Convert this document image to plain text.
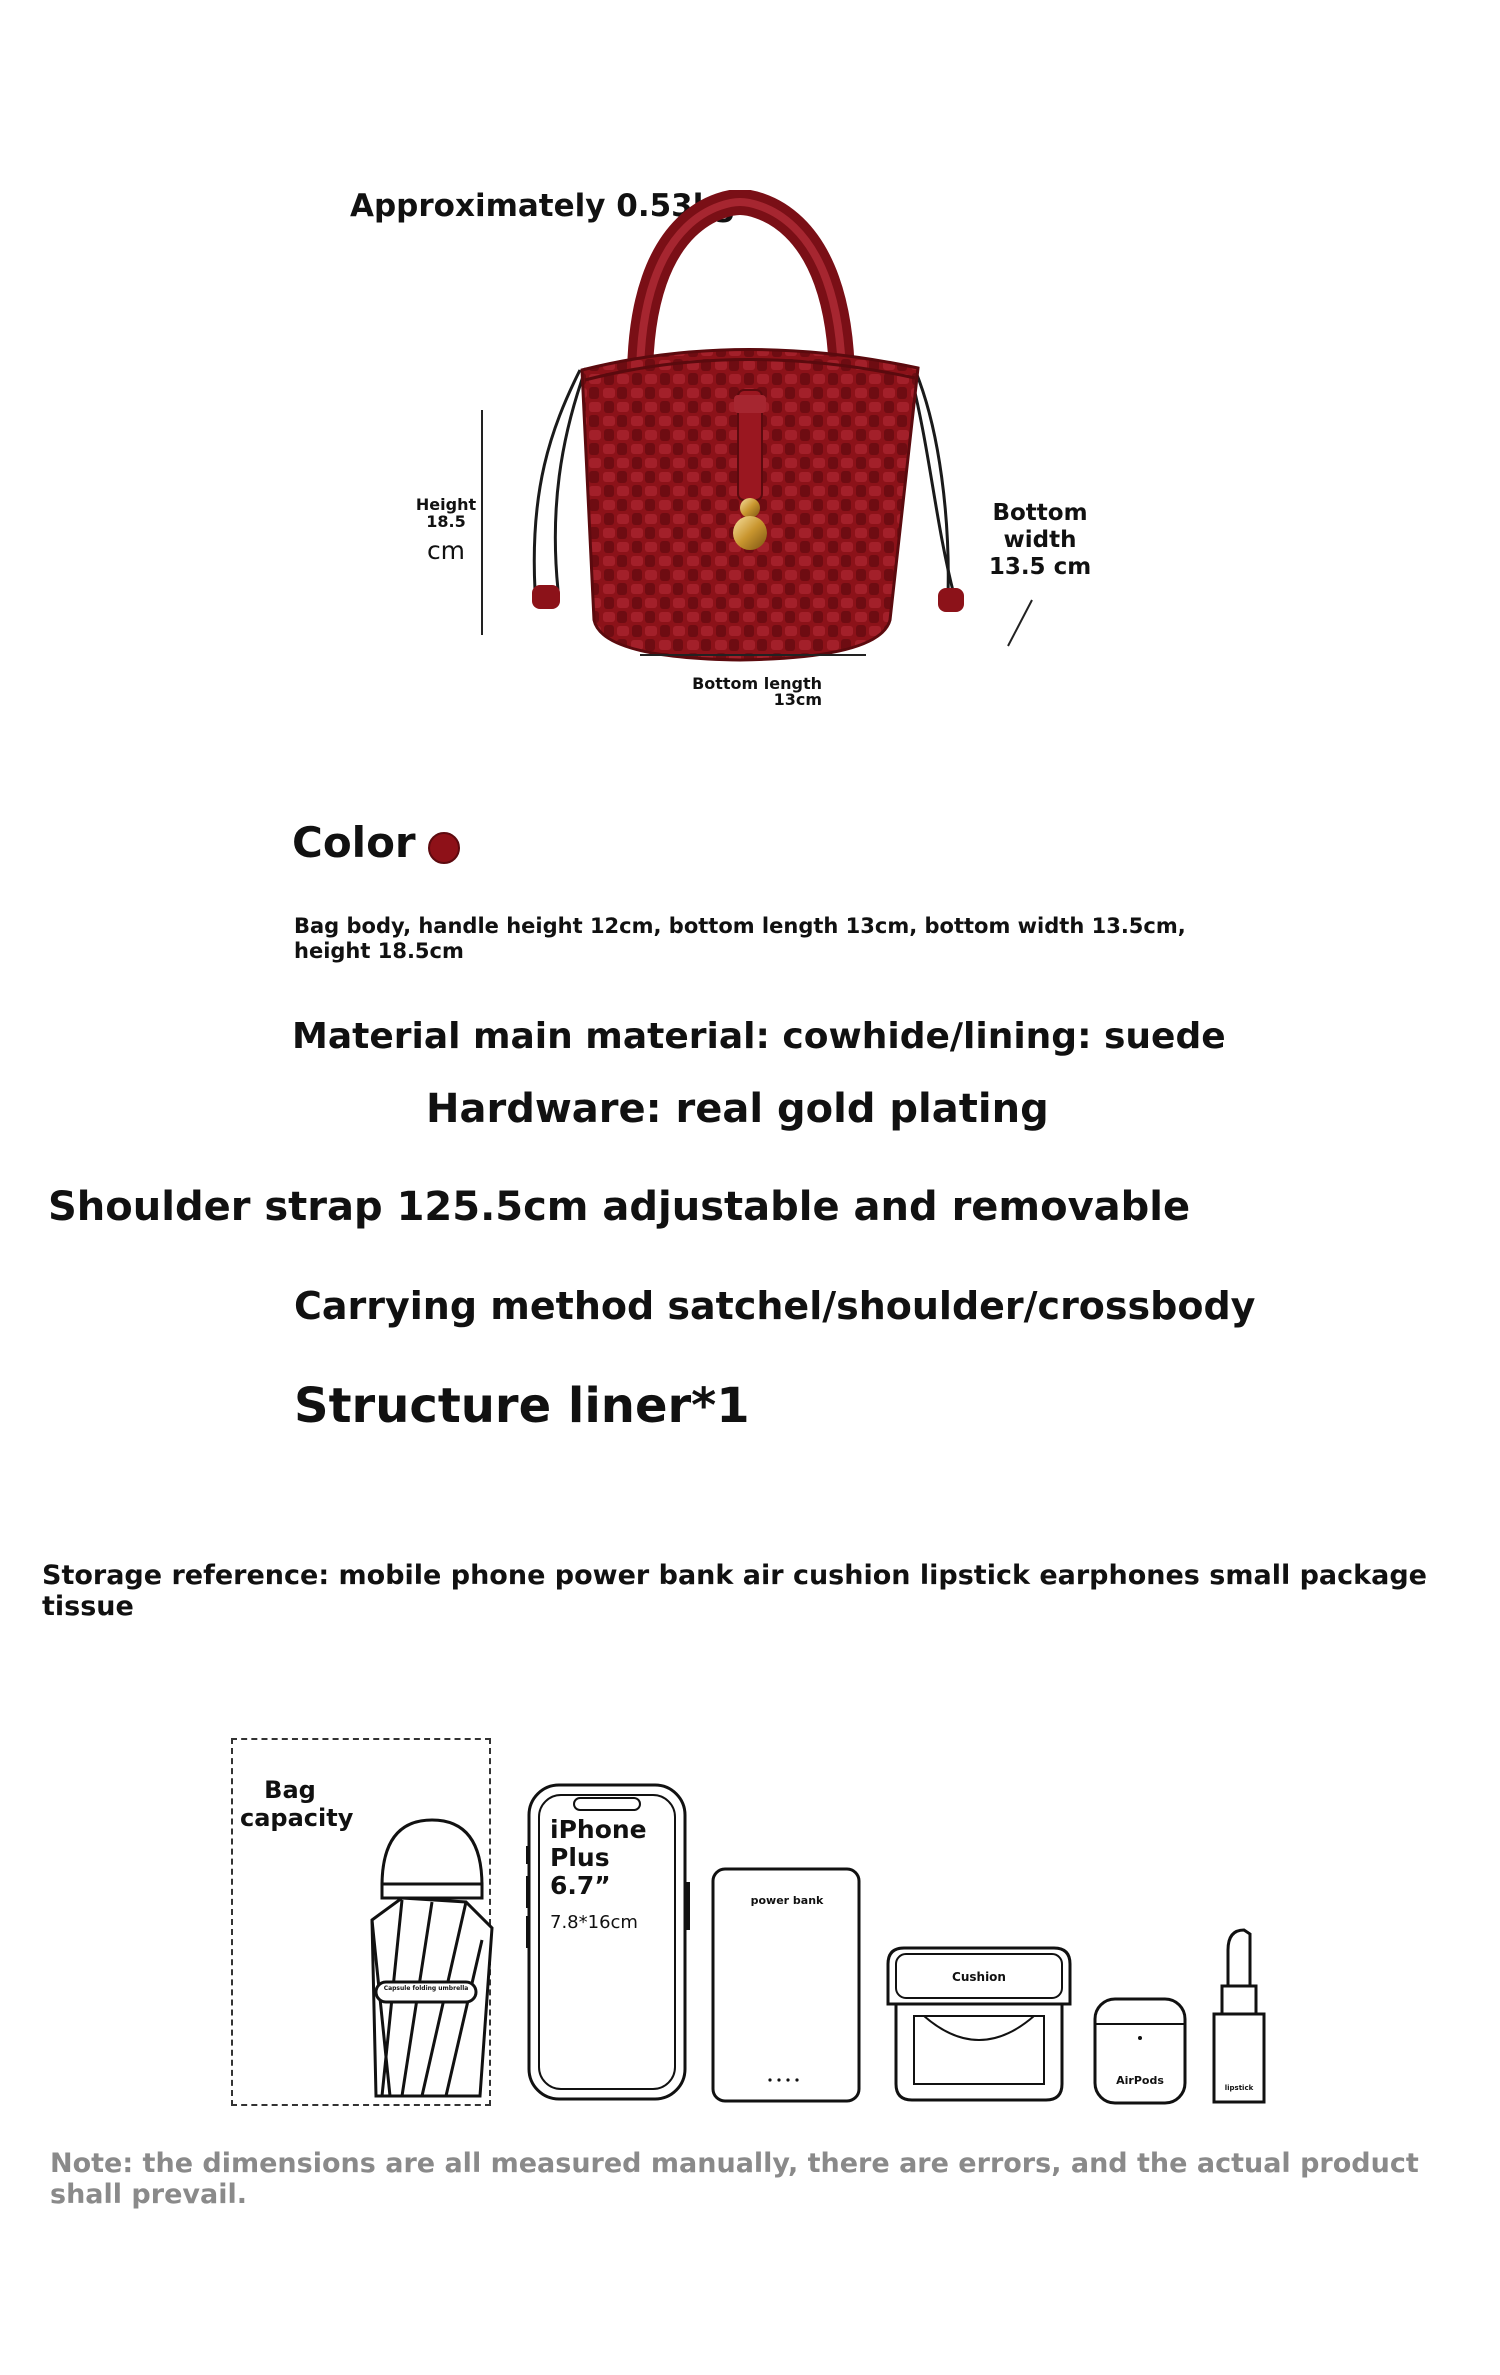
Approximately 0.53kg
Height
18.5
cm
Bottom
width
13.5 cm
Bottom length
13cm
Color
Bag body, handle height 12cm, bottom length 13cm, bottom width 13.5cm, height 18.5cm
Material main material: cowhide/lining: suede
Hardware: real gold plating
Shoulder strap 125.5cm adjustable and removable
Carrying method satchel/shoulder/crossbody
Structure liner*1
Storage reference: mobile phone power bank air cushion lipstick earphones small package tissue
Bag
capacity
Capsule folding umbrella
iPhone
Plus
6.7”
7.8*16cm
power bank
Cushion
AirPods
lipstick
Note: the dimensions are all measured manually, there are errors, and the actual product shall prevail.
